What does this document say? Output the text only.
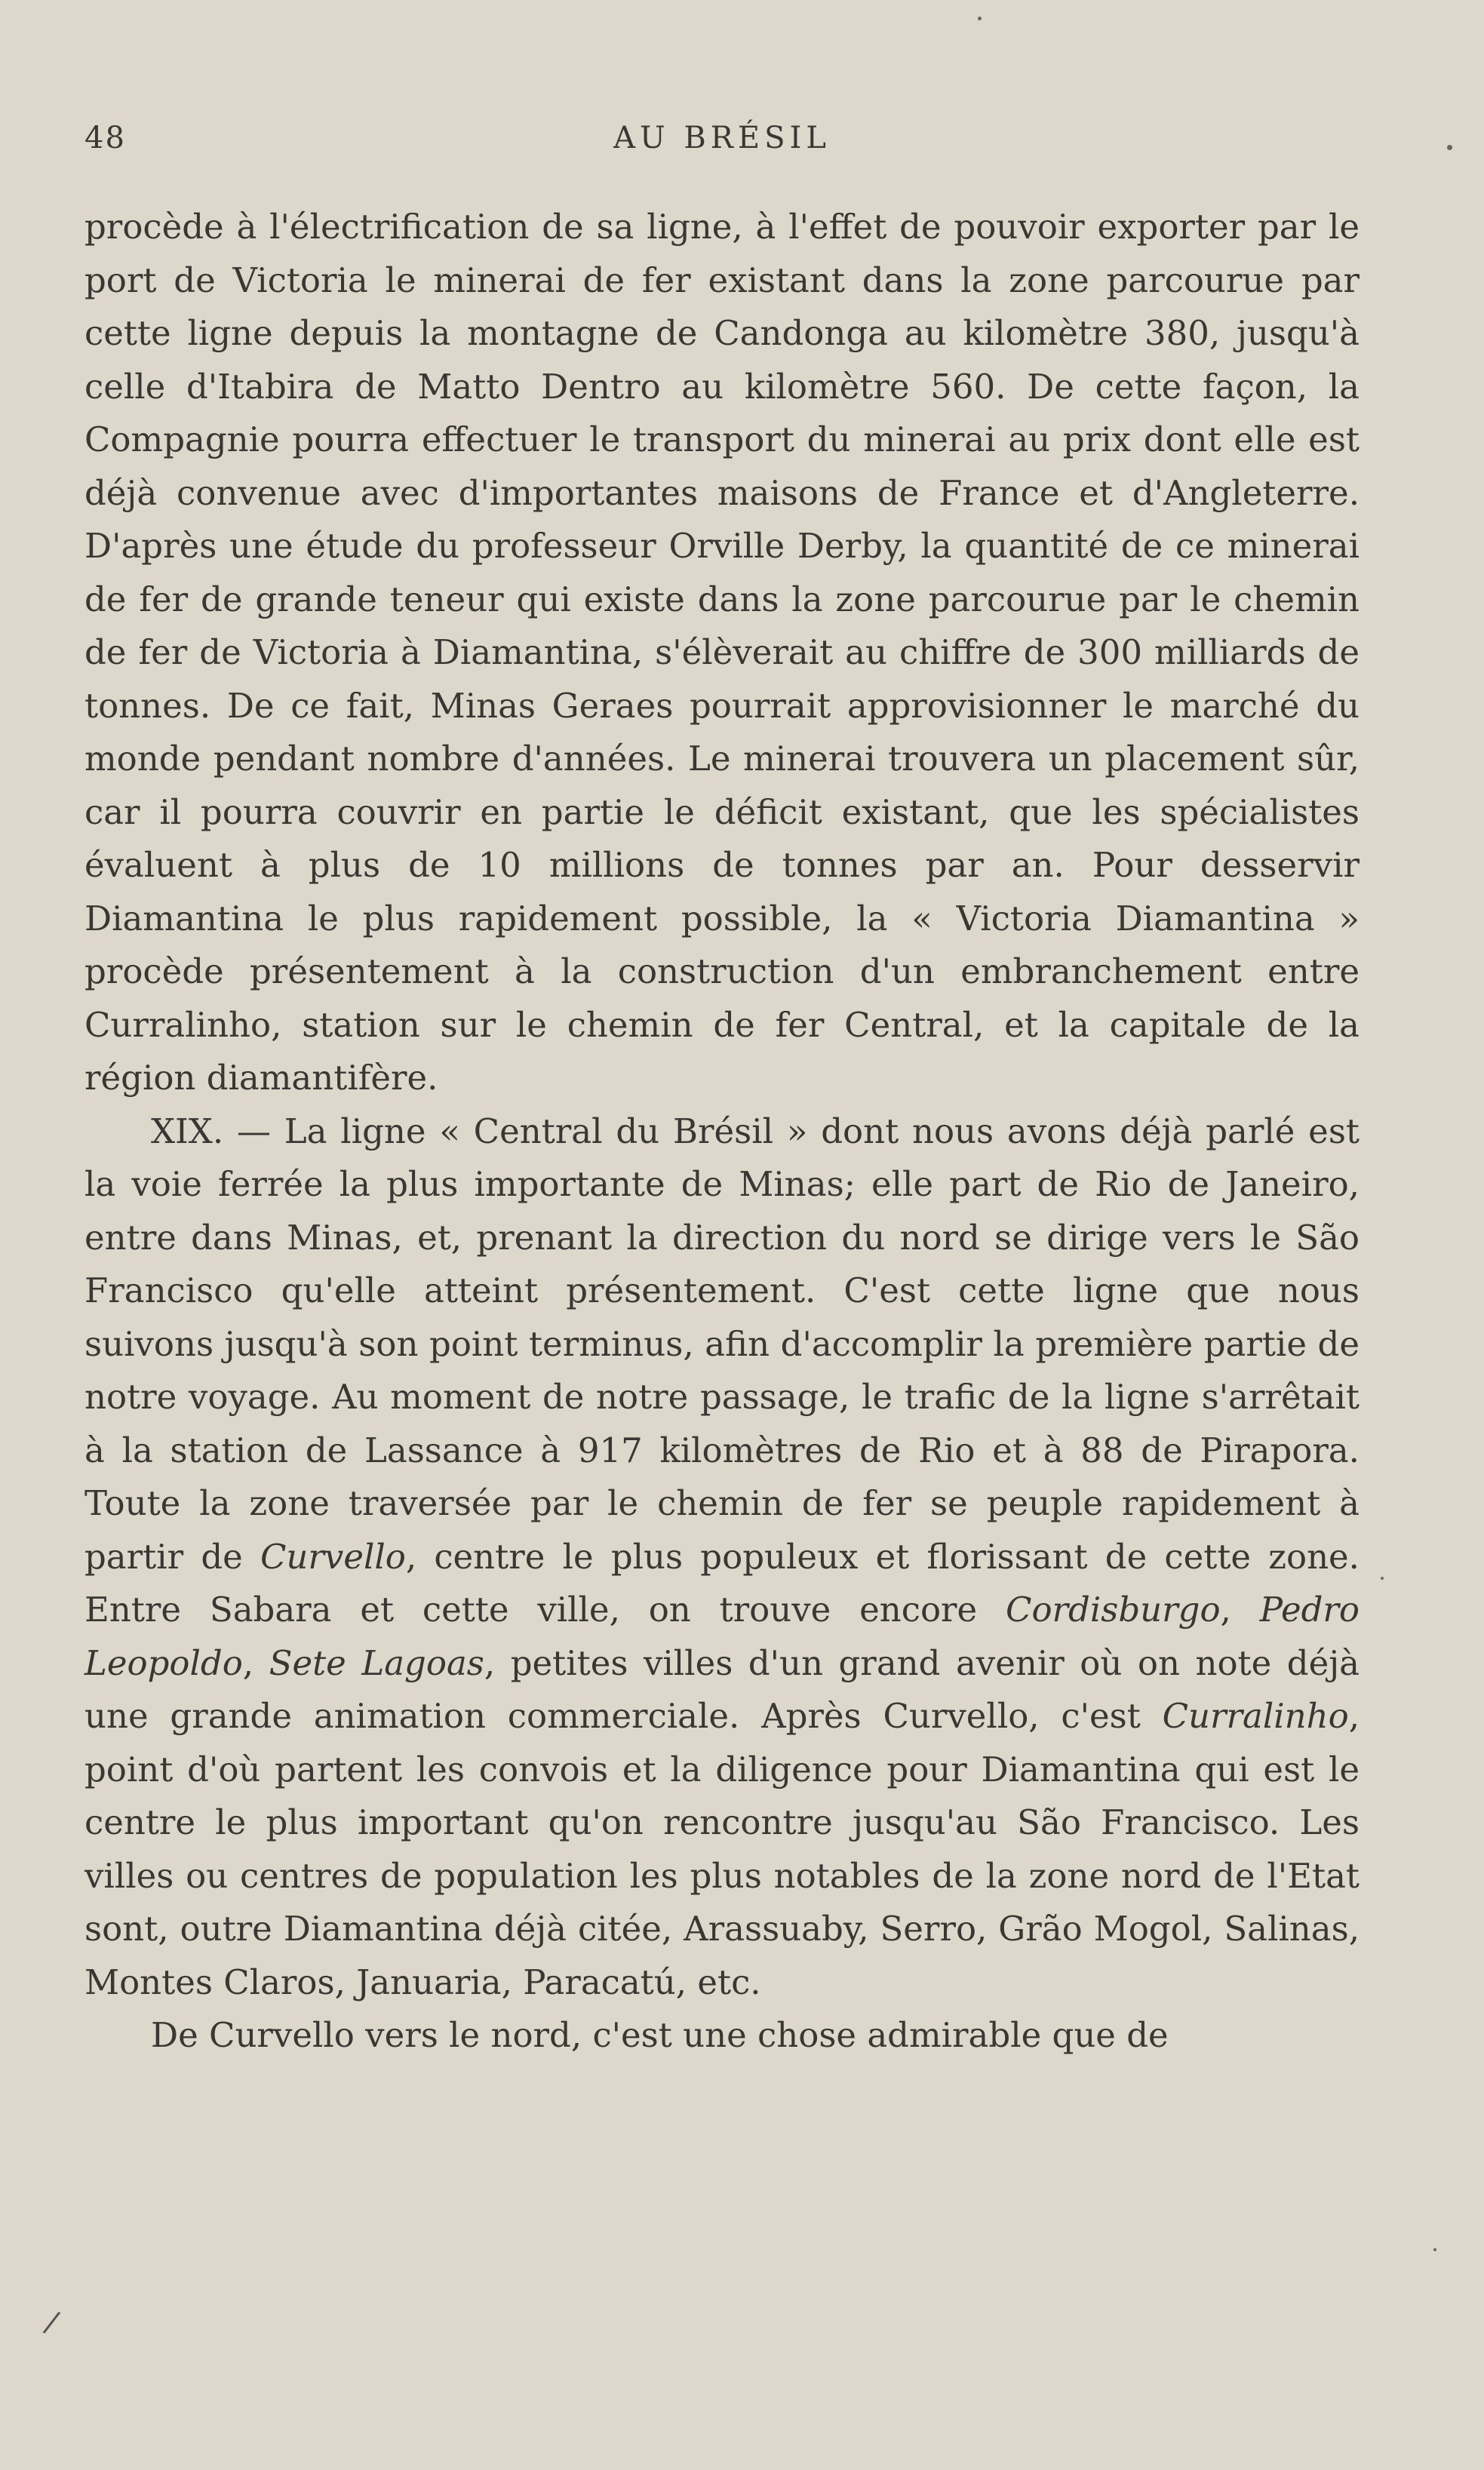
48	AU BRÉSIL

procède à l'électrification de sa ligne, à l'effet de pouvoir exporter par le port de Victoria le minerai de fer existant dans la zone parcourue par cette ligne depuis la montagne de Candonga au kilomètre 380, jusqu'à celle d'Itabira de Matto Dentro au kilomètre 560. De cette façon, la Compagnie pourra effectuer le transport du minerai au prix dont elle est déjà convenue avec d'importantes maisons de France et d'Angleterre. D'après une étude du professeur Orville Derby, la quantité de ce minerai de fer de grande teneur qui existe dans la zone parcourue par le chemin de fer de Victoria à Diamantina, s'élèverait au chiffre de 300 milliards de tonnes. De ce fait, Minas Geraes pourrait approvisionner le marché du monde pendant nombre d'années. Le minerai trouvera un placement sûr, car il pourra couvrir en partie le déficit existant, que les spécialistes évaluent à plus de 10 millions de tonnes par an. Pour desservir Diamantina le plus rapidement possible, la « Victoria Diamantina » procède présentement à la construction d'un embranchement entre Curralinho, station sur le chemin de fer Central, et la capitale de la région diamantifère.

XIX. — La ligne « Central du Brésil » dont nous avons déjà parlé est la voie ferrée la plus importante de Minas; elle part de Rio de Janeiro, entre dans Minas, et, prenant la direction du nord se dirige vers le São Francisco qu'elle atteint présentement. C'est cette ligne que nous suivons jusqu'à son point terminus, afin d'accomplir la première partie de notre voyage. Au moment de notre passage, le trafic de la ligne s'arrêtait à la station de Lassance à 917 kilomètres de Rio et à 88 de Pirapora. Toute la zone traversée par le chemin de fer se peuple rapidement à partir de Curvello, centre le plus populeux et florissant de cette zone. Entre Sabara et cette ville, on trouve encore Cordisburgo, Pedro Leopoldo, Sete Lagoas, petites villes d'un grand avenir où on note déjà une grande animation commerciale. Après Curvello, c'est Curralinho, point d'où partent les convois et la diligence pour Diamantina qui est le centre le plus important qu'on rencontre jusqu'au São Francisco. Les villes ou centres de population les plus notables de la zone nord de l'Etat sont, outre Diamantina déjà citée, Arassuaby, Serro, Grão Mogol, Salinas, Montes Claros, Januaria, Paracatú, etc.

De Curvello vers le nord, c'est une chose admirable que de

/
